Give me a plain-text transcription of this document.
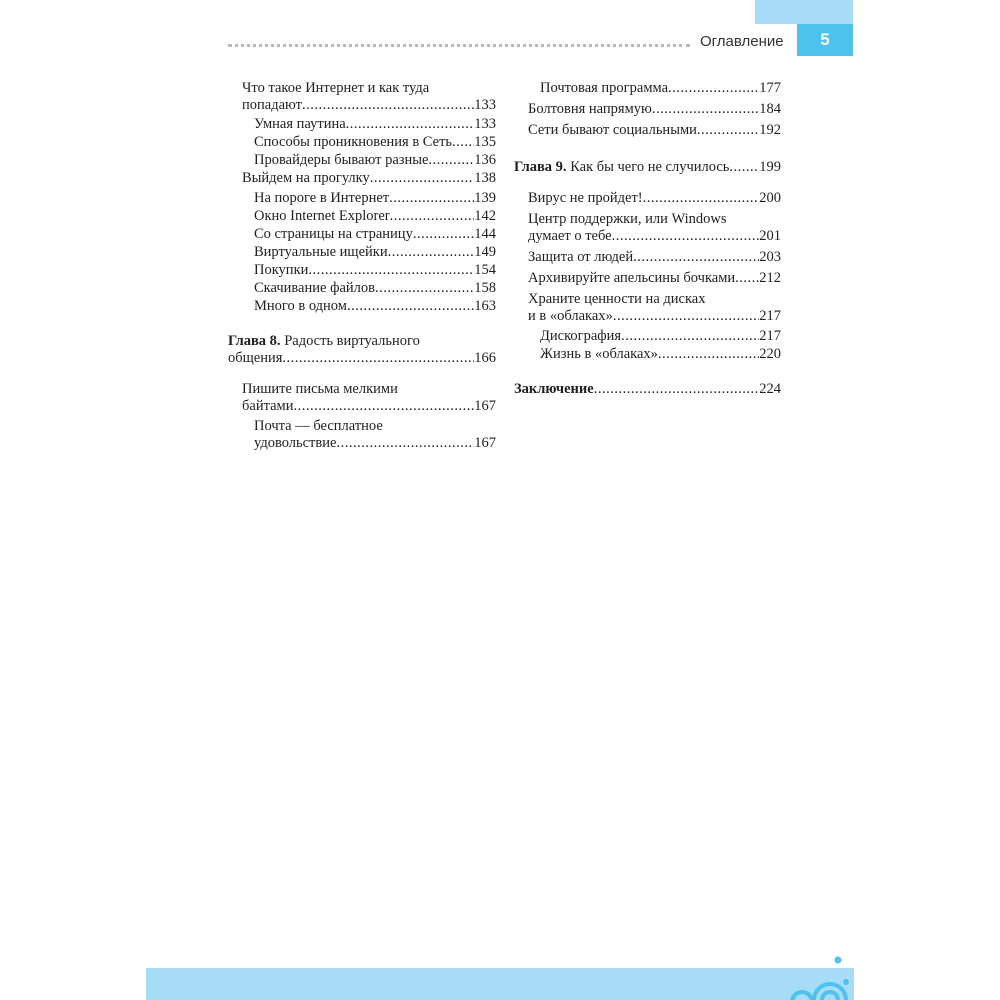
Оглавление	5
Что такое Интернет и как туда
попадают .....	133
Умная паутина .....	133
Способы проникновения в Сеть ..... 135
Провайдеры бывают разные .....	136
Выйдем на прогулку .....	138
На пороге в Интернет .....	139
Окно Internet Explorer .....	142
Со страницы на страницу .....	144
Виртуальные ищейки .....	149
Покупки .....	154
Скачивание файлов .....	158
Много в одном .....	163
Глава 8. Радость виртуального
общения .....	166
Пишите письма мелкими
байтами .....	167
Почта — бесплатное
удовольствие .....	167
Почтовая программа .....	177
Болтовня напрямую .....	184
Сети бывают социальными .....	192
Глава 9. Как бы чего не случилось ..... 199
Вирус не пройдет! .....	200
Центр поддержки, или Windows
думает о тебе .....	201
Защита от людей .....	203
Архивируйте апельсины бочками ..... 212
Храните ценности на дисках
и в «облаках» .....	217
Дискография .....	217
Жизнь в «облаках» .....	220
Заключение .....	224
